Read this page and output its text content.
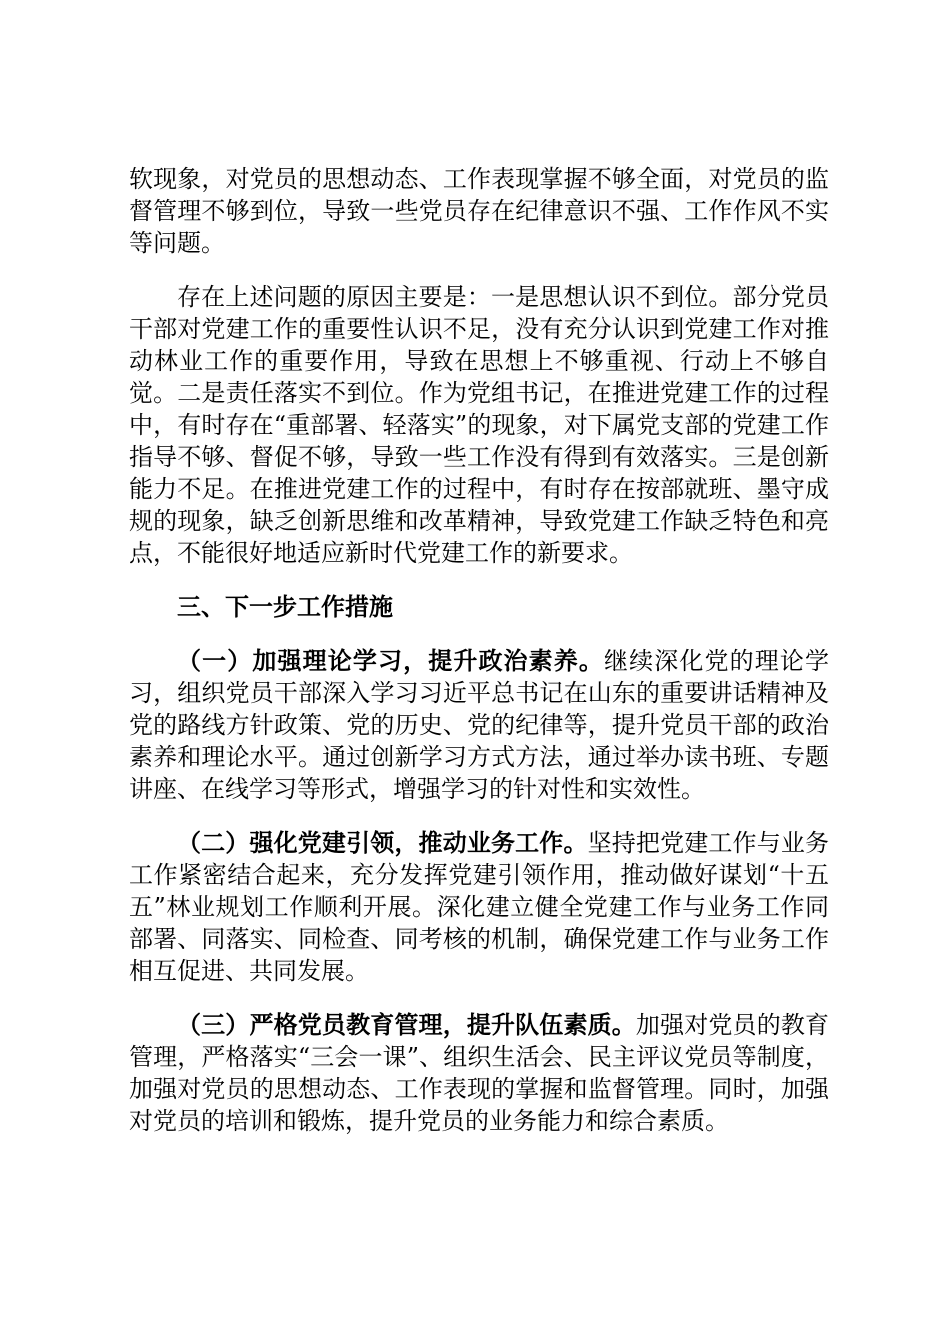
软现象，对党员的思想动态、工作表现掌握不够全面，对党员的监督管理不够到位，导致一些党员存在纪律意识不强、工作作风不实等问题。

存在上述问题的原因主要是：一是思想认识不到位。部分党员干部对党建工作的重要性认识不足，没有充分认识到党建工作对推动林业工作的重要作用，导致在思想上不够重视、行动上不够自觉。二是责任落实不到位。作为党组书记，在推进党建工作的过程中，有时存在“重部署、轻落实”的现象，对下属党支部的党建工作指导不够、督促不够，导致一些工作没有得到有效落实。三是创新能力不足。在推进党建工作的过程中，有时存在按部就班、墨守成规的现象，缺乏创新思维和改革精神，导致党建工作缺乏特色和亮点，不能很好地适应新时代党建工作的新要求。

三、下一步工作措施

（一）加强理论学习，提升政治素养。继续深化党的理论学习，组织党员干部深入学习习近平总书记在山东的重要讲话精神及党的路线方针政策、党的历史、党的纪律等，提升党员干部的政治素养和理论水平。通过创新学习方式方法，通过举办读书班、专题讲座、在线学习等形式，增强学习的针对性和实效性。

（二）强化党建引领，推动业务工作。坚持把党建工作与业务工作紧密结合起来，充分发挥党建引领作用，推动做好谋划“十五五”林业规划工作顺利开展。深化建立健全党建工作与业务工作同部署、同落实、同检查、同考核的机制，确保党建工作与业务工作相互促进、共同发展。

（三）严格党员教育管理，提升队伍素质。加强对党员的教育管理，严格落实“三会一课”、组织生活会、民主评议党员等制度，加强对党员的思想动态、工作表现的掌握和监督管理。同时，加强对党员的培训和锻炼，提升党员的业务能力和综合素质。
